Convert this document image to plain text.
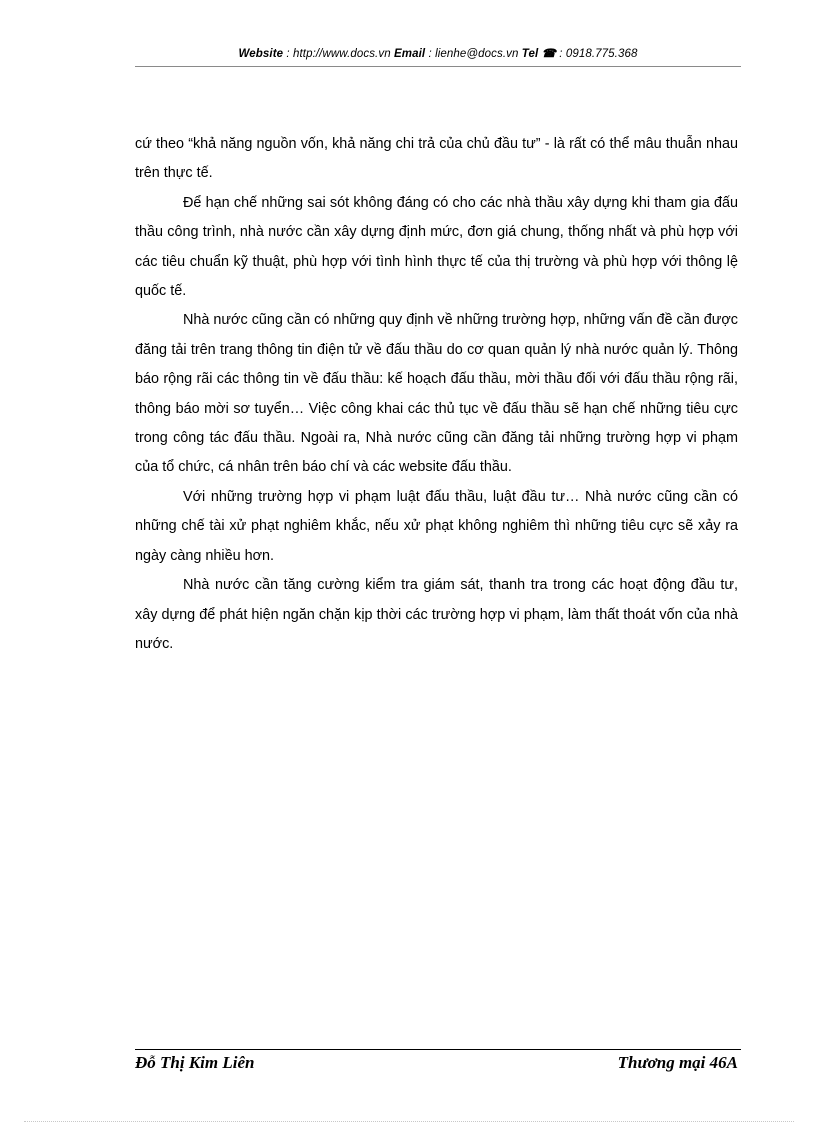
Website : http://www.docs.vn Email : lienhe@docs.vn Tel ☎ : 0918.775.368

cứ theo “khả năng nguồn vốn, khả năng chi trả của chủ đầu tư” - là rất có thể mâu thuẫn nhau trên thực tế.

Để hạn chế những sai sót không đáng có cho các nhà thầu xây dựng khi tham gia đấu thầu công trình, nhà nước cần xây dựng định mức, đơn giá chung, thống nhất và phù hợp với các tiêu chuẩn kỹ thuật, phù hợp với tình hình thực tế của thị trường và phù hợp với thông lệ quốc tế.

Nhà nước cũng cần có những quy định về những trường hợp, những vấn đề cần được đăng tải trên trang thông tin điện tử về đấu thầu do cơ quan quản lý nhà nước quản lý. Thông báo rộng rãi các thông tin về đấu thầu: kế hoạch đấu thầu, mời thầu đối với đấu thầu rộng rãi, thông báo mời sơ tuyển… Việc công khai các thủ tục về đấu thầu sẽ hạn chế những tiêu cực trong công tác đấu thầu. Ngoài ra, Nhà nước cũng cần đăng tải những trường hợp vi phạm của tổ chức, cá nhân trên báo chí và các website đấu thầu.

Với những trường hợp vi phạm luật đấu thầu, luật đầu tư… Nhà nước cũng cần có những chế tài xử phạt nghiêm khắc, nếu xử phạt không nghiêm thì những tiêu cực sẽ xảy ra ngày càng nhiều hơn.

Nhà nước cần tăng cường kiểm tra giám sát, thanh tra trong các hoạt động đầu tư, xây dựng để phát hiện ngăn chặn kịp thời các trường hợp vi phạm, làm thất thoát vốn của nhà nước.

Đỗ Thị Kim Liên	Thương mại 46A
